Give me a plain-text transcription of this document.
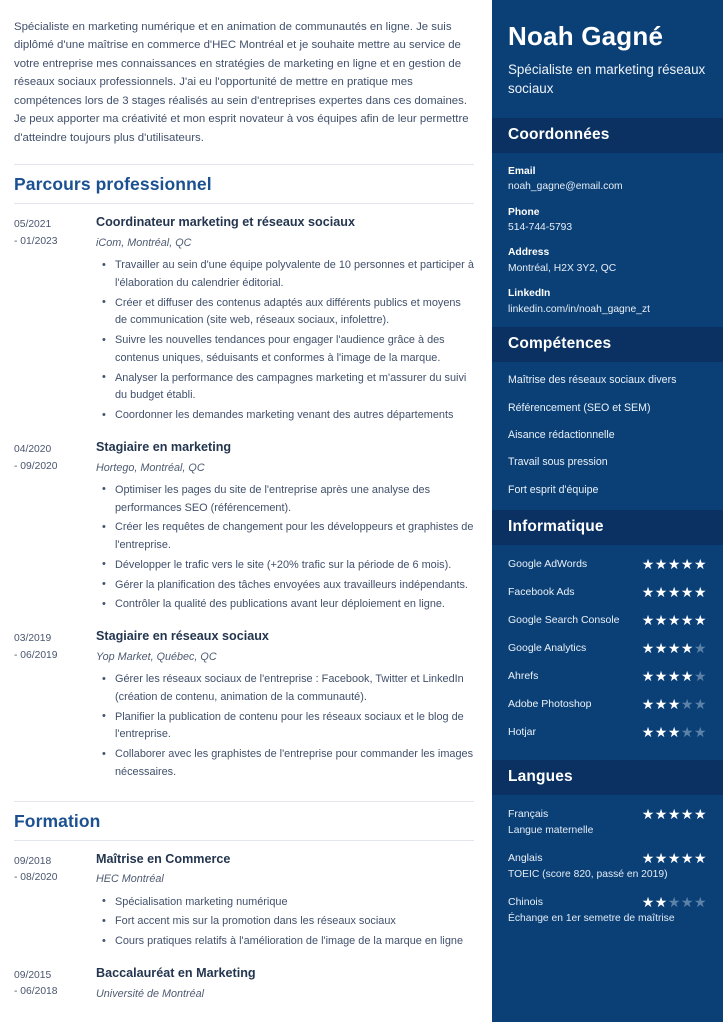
Spécialiste en marketing numérique et en animation de communautés en ligne. Je suis diplômé d'une maîtrise en commerce d'HEC Montréal et je souhaite mettre au service de votre entreprise mes connaissances en stratégies de marketing en ligne et en gestion de réseaux sociaux professionnels. J'ai eu l'opportunité de mettre en pratique mes compétences lors de 3 stages réalisés au sein d'entreprises expertes dans ces domaines. Je peux apporter ma créativité et mon esprit novateur à vos équipes afin de leur permettre d'atteindre toujours plus d'utilisateurs.

Parcours professionnel
05/2021
- 01/2023
Coordinateur marketing et réseaux sociaux
iCom, Montréal, QC
• Travailler au sein d'une équipe polyvalente de 10 personnes et participer à l'élaboration du calendrier éditorial.
• Créer et diffuser des contenus adaptés aux différents publics et moyens de communication (site web, réseaux sociaux, infolettre).
• Suivre les nouvelles tendances pour engager l'audience grâce à des contenus uniques, séduisants et conformes à l'image de la marque.
• Analyser la performance des campagnes marketing et m'assurer du suivi du budget établi.
• Coordonner les demandes marketing venant des autres départements
04/2020
- 09/2020
Stagiaire en marketing
Hortego, Montréal, QC
• Optimiser les pages du site de l'entreprise après une analyse des performances SEO (référencement).
• Créer les requêtes de changement pour les développeurs et graphistes de l'entreprise.
• Développer le trafic vers le site (+20% trafic sur la période de 6 mois).
• Gérer la planification des tâches envoyées aux travailleurs indépendants.
• Contrôler la qualité des publications avant leur déploiement en ligne.
03/2019
- 06/2019
Stagiaire en réseaux sociaux
Yop Market, Québec, QC
• Gérer les réseaux sociaux de l'entreprise : Facebook, Twitter et LinkedIn (création de contenu, animation de la communauté).
• Planifier la publication de contenu pour les réseaux sociaux et le blog de l'entreprise.
• Collaborer avec les graphistes de l'entreprise pour commander les images nécessaires.
Formation
09/2018
- 08/2020
Maîtrise en Commerce
HEC Montréal
• Spécialisation marketing numérique
• Fort accent mis sur la promotion dans les réseaux sociaux
• Cours pratiques relatifs à l'amélioration de l'image de la marque en ligne
09/2015
- 06/2018
Baccalauréat en Marketing
Université de Montréal
Noah Gagné
Spécialiste en marketing réseaux sociaux
Coordonnées
Email
noah_gagne@email.com
Phone
514-744-5793
Address
Montréal, H2X 3Y2, QC
LinkedIn
linkedin.com/in/noah_gagne_zt
Compétences
Maîtrise des réseaux sociaux divers
Référencement (SEO et SEM)
Aisance rédactionnelle
Travail sous pression
Fort esprit d'équipe
Informatique
Google AdWords	★★★★★
Facebook Ads	★★★★★
Google Search Console	★★★★★
Google Analytics	★★★★★
Ahrefs	★★★★★
Adobe Photoshop	★★★★★
Hotjar	★★★★★
Langues
Français	★★★★★
Langue maternelle
Anglais	★★★★★
TOEIC (score 820, passé en 2019)
Chinois	★★★★★
Échange en 1er semetre de maîtrise
